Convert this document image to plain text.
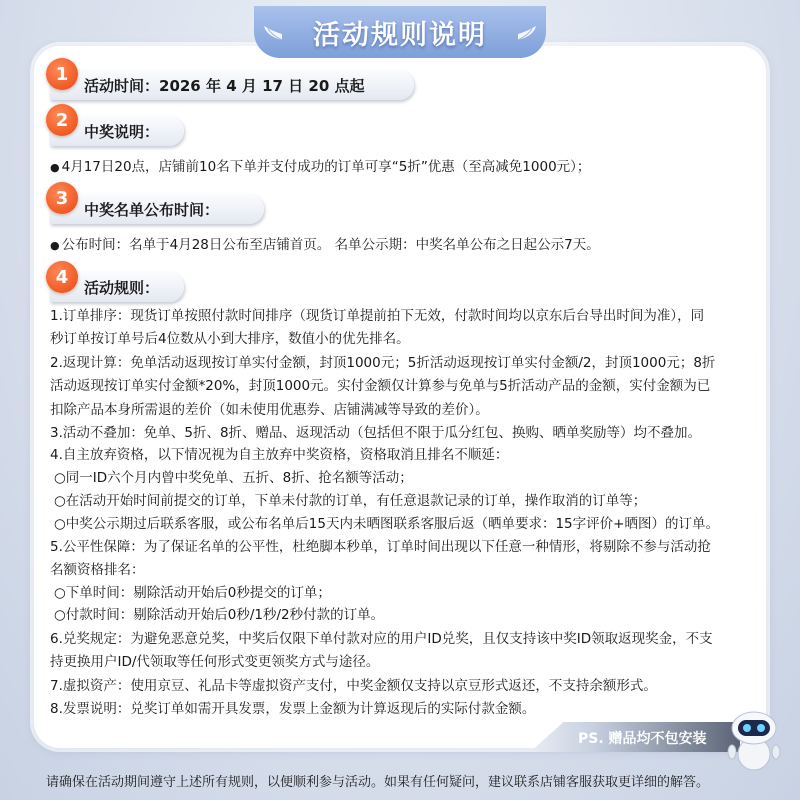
活动规则说明
1
活动时间：2026 年 4 月 17 日 20 点起
2
中奖说明：
● 4月17日20点，店铺前10名下单并支付成功的订单可享“5折”优惠（至高减免1000元）；
3
中奖名单公布时间：
● 公布时间：名单于4月28日公布至店铺首页。 名单公示期：中奖名单公布之日起公示7天。
4	活动规则：
1.订单排序：现货订单按照付款时间排序（现货订单提前拍下无效，付款时间均以京东后台导出时间为准），同
秒订单按订单号后4位数从小到大排序，数值小的优先排名。
2.返现计算：免单活动返现按订单实付金额，封顶1000元；5折活动返现按订单实付金额/2，封顶1000元；8折
活动返现按订单实付金额*20%，封顶1000元。实付金额仅计算参与免单与5折活动产品的金额，实付金额为已
扣除产品本身所需退的差价（如未使用优惠券、店铺满减等导致的差价）。
3.活动不叠加：免单、5折、8折、赠品、返现活动（包括但不限于瓜分红包、换购、晒单奖励等）均不叠加。
4.自主放弃资格，以下情况视为自主放弃中奖资格，资格取消且排名不顺延：
○同一ID六个月内曾中奖免单、五折、8折、抢名额等活动；
○在活动开始时间前提交的订单，下单未付款的订单，有任意退款记录的订单，操作取消的订单等；
○中奖公示期过后联系客服，或公布名单后15天内未晒图联系客服后返（晒单要求：15字评价+晒图）的订单。
5.公平性保障：为了保证名单的公平性，杜绝脚本秒单，订单时间出现以下任意一种情形，将剔除不参与活动抢
名额资格排名：
○下单时间：剔除活动开始后0秒提交的订单；
○付款时间：剔除活动开始后0秒/1秒/2秒付款的订单。
6.兑奖规定：为避免恶意兑奖，中奖后仅限下单付款对应的用户ID兑奖，且仅支持该中奖ID领取返现奖金，不支
持更换用户ID/代领取等任何形式变更领奖方式与途径。
7.虚拟资产：使用京豆、礼品卡等虚拟资产支付，中奖金额仅支持以京豆形式返还，不支持余额形式。
8.发票说明：兑奖订单如需开具发票，发票上金额为计算返现后的实际付款金额。
PS. 赠品均不包安装
请确保在活动期间遵守上述所有规则，以便顺利参与活动。如果有任何疑问，建议联系店铺客服获取更详细的解答。
